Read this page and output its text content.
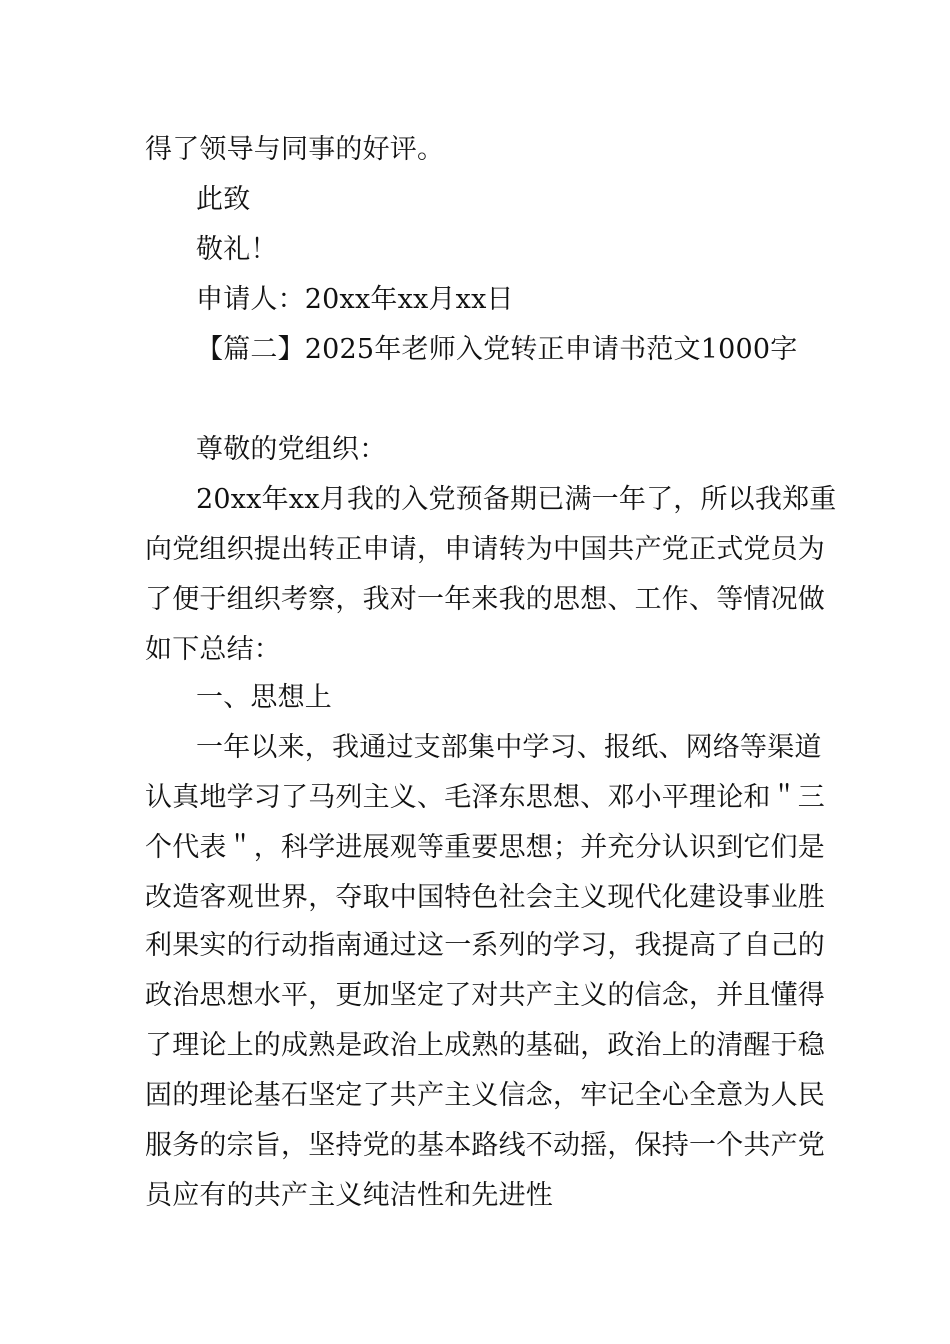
得了领导与同事的好评。
此致
敬礼！
申请人：20xx年xx月xx日
【篇二】2025年老师入党转正申请书范文1000字
尊敬的党组织：
20xx年xx月我的入党预备期已满一年了，所以我郑重
向党组织提出转正申请，申请转为中国共产党正式党员为
了便于组织考察，我对一年来我的思想、工作、等情况做
如下总结：
一、思想上
一年以来，我通过支部集中学习、报纸、网络等渠道
认真地学习了马列主义、毛泽东思想、邓小平理论和＂三
个代表＂，科学进展观等重要思想；并充分认识到它们是
改造客观世界，夺取中国特色社会主义现代化建设事业胜
利果实的行动指南通过这一系列的学习，我提高了自己的
政治思想水平，更加坚定了对共产主义的信念，并且懂得
了理论上的成熟是政治上成熟的基础，政治上的清醒于稳
固的理论基石坚定了共产主义信念，牢记全心全意为人民
服务的宗旨，坚持党的基本路线不动摇，保持一个共产党
员应有的共产主义纯洁性和先进性
